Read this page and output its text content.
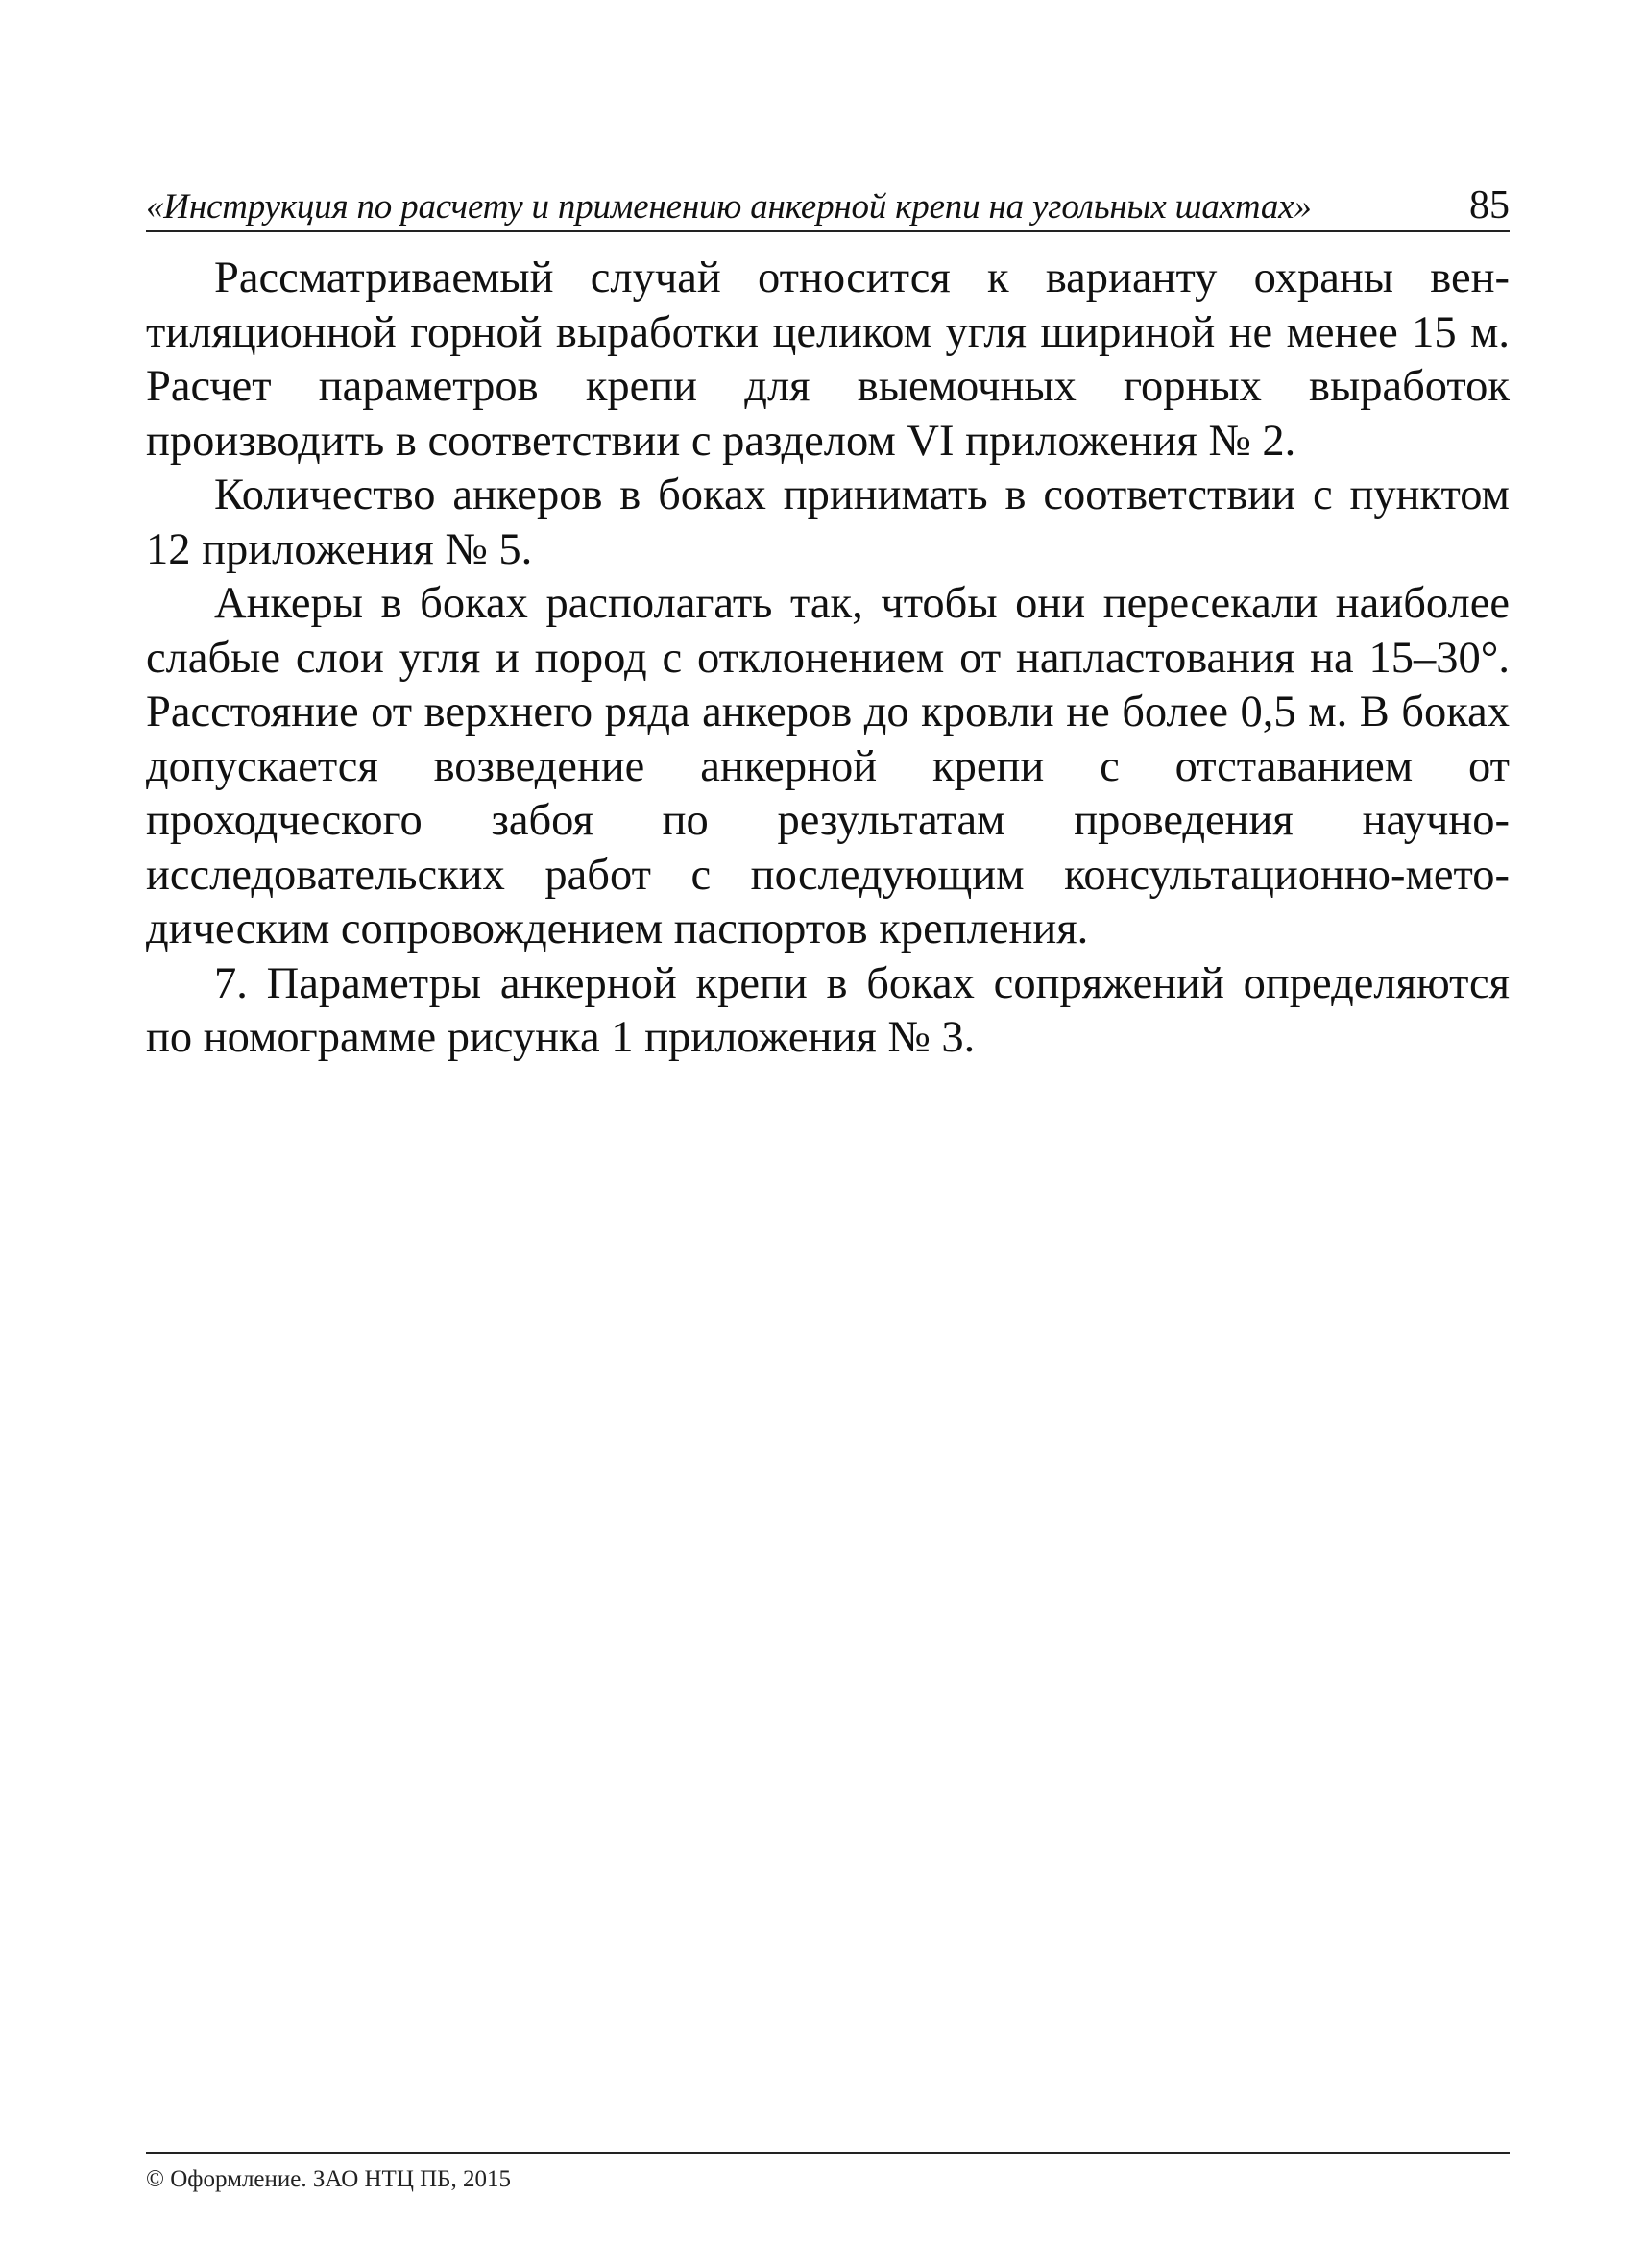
«Инструкция по расчету и применению анкерной крепи на угольных шахтах»	85

Рассматриваемый случай относится к варианту охраны вентиляционной горной выработки целиком угля шириной не менее 15 м. Расчет параметров крепи для выемочных горных выработок производить в соответствии с разделом VI приложения № 2.

Количество анкеров в боках принимать в соответствии с пунктом 12 приложения № 5.

Анкеры в боках располагать так, чтобы они пересекали наиболее слабые слои угля и пород с отклонением от напластования на 15–30°. Расстояние от верхнего ряда анкеров до кровли не более 0,5 м. В боках допускается возведение анкерной крепи с отставанием от проходческого забоя по результатам проведения научно-исследовательских работ с последующим консультационно-методическим сопровождением паспортов крепления.

7. Параметры анкерной крепи в боках сопряжений определяются по номограмме рисунка 1 приложения № 3.

© Оформление. ЗАО НТЦ ПБ, 2015
